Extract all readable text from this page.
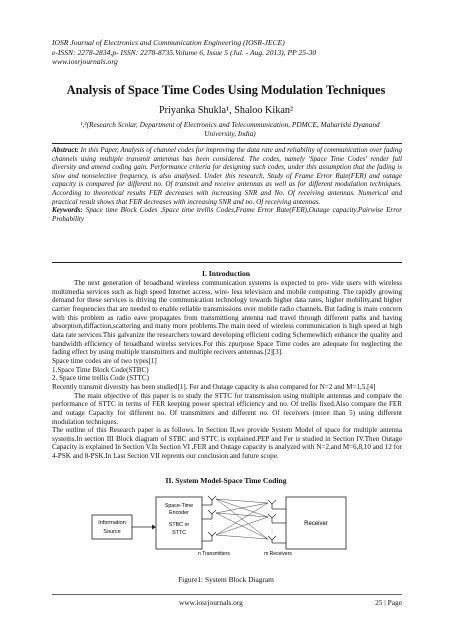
IOSR Journal of Electronics and Communication Engineering (IOSR-JECE)
e-ISSN: 2278-2834,p- ISSN: 2278-8735.Volume 6, Issue 5 (Jul. - Aug. 2013), PP 25-30
www.iosrjournals.org
Analysis of Space Time Codes Using Modulation Techniques
Priyanka Shukla¹, Shaloo Kikan²
¹,²(Research Scolar, Department of Electronics and Telecommunication, PDMCE, Maharishi Dyanand
University, India)
Abstract: In this Paper, Analysis of channel codes for improving the data rate and reliability of communication over fading channels using multiple transmit antennas has been considered. The codes, namely 'Space Time Codes' render full diversity and amend coding gain. Performance criteria for designing such codes, under this assumption that the fading is slow and nonselective frequency, is also analysed. Under this research, Study of Frame Error Rate(FER) and outage capacity is compared for different no. Of transmit and receive antennas as well as for different modulation techniques. According to theoretical results FER decreases with increasing SNR and No. Of receiving antennas. Numerical and practical result shows that FER decreases with increasing SNR and no. Of receiving antennas.
Keywords: Space time Block Codes ,Space time trellis Codes,Frame Error Rate(FER),Outage capacity,Pairwise Error Probability
I. Introduction

The next generation of broadband wireless communication systems is expected to pro- vide users with wireless multimedia services such as high speed Internet access, wire- less television and mobile computing. The rapidly growing demand for these services is driving the communication technology towards higher data rates, higher mobility,and higher carrier frequencies that are needed to enable reliable transmissions over mobile radio channels. But fading is main concern with this problem as radio eave propagates from transmittiong antenna nad travel through different paths and having absorption,diffaction,scattering and many more problems.The main need of wireless communication is high speed at high data rate services.This galvanize the researchers toward developing efficient coding Schemewhich enhance the quality and bandwidth efficiency of broadband wirelss services.For this zpurpose Space Time codes are adequate for neglecting the fading effect by using multiple transmitters and multiple recivers antennas.[2][3].

Space time codes are of two types[1]

1.Space Time Block Code(STBC)

2. Space time trellis Code (STTC)

Recently transmit diversity has been studied[1]. Fer and Outage capacity is also compared for N=2 and M=1,5.[4]

The main objective of this paper is to study the STTC for transmission using multiple antennas and compare the performance of STTC in terms of FER keeping power spectral efficiency and no. Of trellis fixed.Also compare the FER and outage Capacity for different no. Of transmitters and different no. Of receivers (more than 5) using different modulation techniques.

The outline of this Research paper is as follows. In Section II,we provide System Model of space for multiple antenna systems.In section III Block diagram of STBC and STTC is explained.PEP and Fer is studied in Section IV.Then Outage Capacity is explained In Section V.In Section VI ,FER and Outage capacity is analyzed with N=2,and M=6,8,10 and 12 for 4-PSK and 8-PSK.In Last Section VII reprents our conclusion and future scope.

II. System Model-Space Time Coding
Information
Source
Space-Time
Encoder
STBC or
STTC
⋮
n Transmitters
⋮
m Receivers
Receiver
Figure1: System Block Diagram
www.iosrjournals.org	25 | Page
